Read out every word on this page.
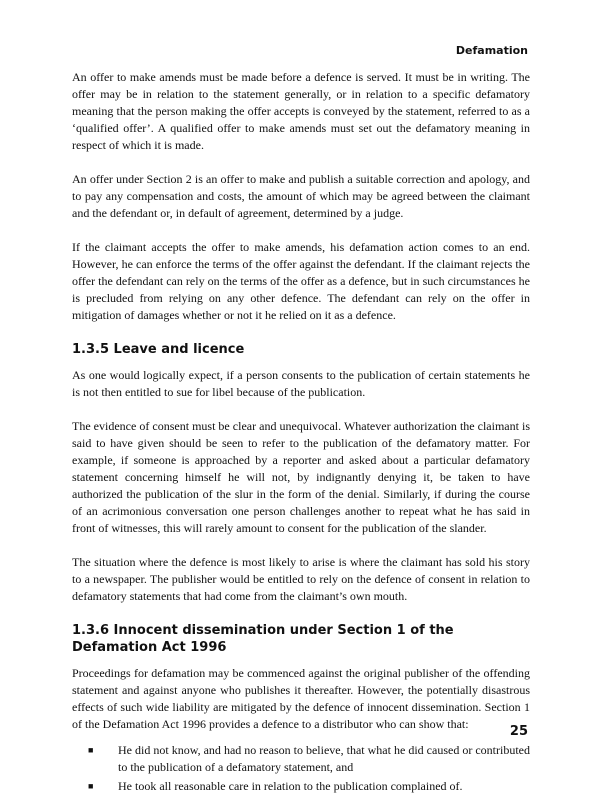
Defamation

An offer to make amends must be made before a defence is served. It must be in writing. The offer may be in relation to the statement generally, or in relation to a specific defamatory meaning that the person making the offer accepts is conveyed by the statement, referred to as a ‘qualified offer’. A qualified offer to make amends must set out the defamatory meaning in respect of which it is made.

An offer under Section 2 is an offer to make and publish a suitable correction and apology, and to pay any compensation and costs, the amount of which may be agreed between the claimant and the defendant or, in default of agreement, determined by a judge.

If the claimant accepts the offer to make amends, his defamation action comes to an end. However, he can enforce the terms of the offer against the defendant. If the claimant rejects the offer the defendant can rely on the terms of the offer as a defence, but in such circumstances he is precluded from relying on any other defence. The defendant can rely on the offer in mitigation of damages whether or not it he relied on it as a defence.

1.3.5 Leave and licence

As one would logically expect, if a person consents to the publication of certain statements he is not then entitled to sue for libel because of the publication.

The evidence of consent must be clear and unequivocal. Whatever authorization the claimant is said to have given should be seen to refer to the publication of the defamatory matter. For example, if someone is approached by a reporter and asked about a particular defamatory statement concerning himself he will not, by indignantly denying it, be taken to have authorized the publication of the slur in the form of the denial. Similarly, if during the course of an acrimonious conversation one person challenges another to repeat what he has said in front of witnesses, this will rarely amount to consent for the publication of the slander.

The situation where the defence is most likely to arise is where the claimant has sold his story to a newspaper. The publisher would be entitled to rely on the defence of consent in relation to defamatory statements that had come from the claimant’s own mouth.

1.3.6 Innocent dissemination under Section 1 of the Defamation Act 1996

Proceedings for defamation may be commenced against the original publisher of the offending statement and against anyone who publishes it thereafter. However, the potentially disastrous effects of such wide liability are mitigated by the defence of innocent dissemination. Section 1 of the Defamation Act 1996 provides a defence to a distributor who can show that:

■ He did not know, and had no reason to believe, that what he did caused or contributed to the publication of a defamatory statement, and
■ He took all reasonable care in relation to the publication complained of.
25
